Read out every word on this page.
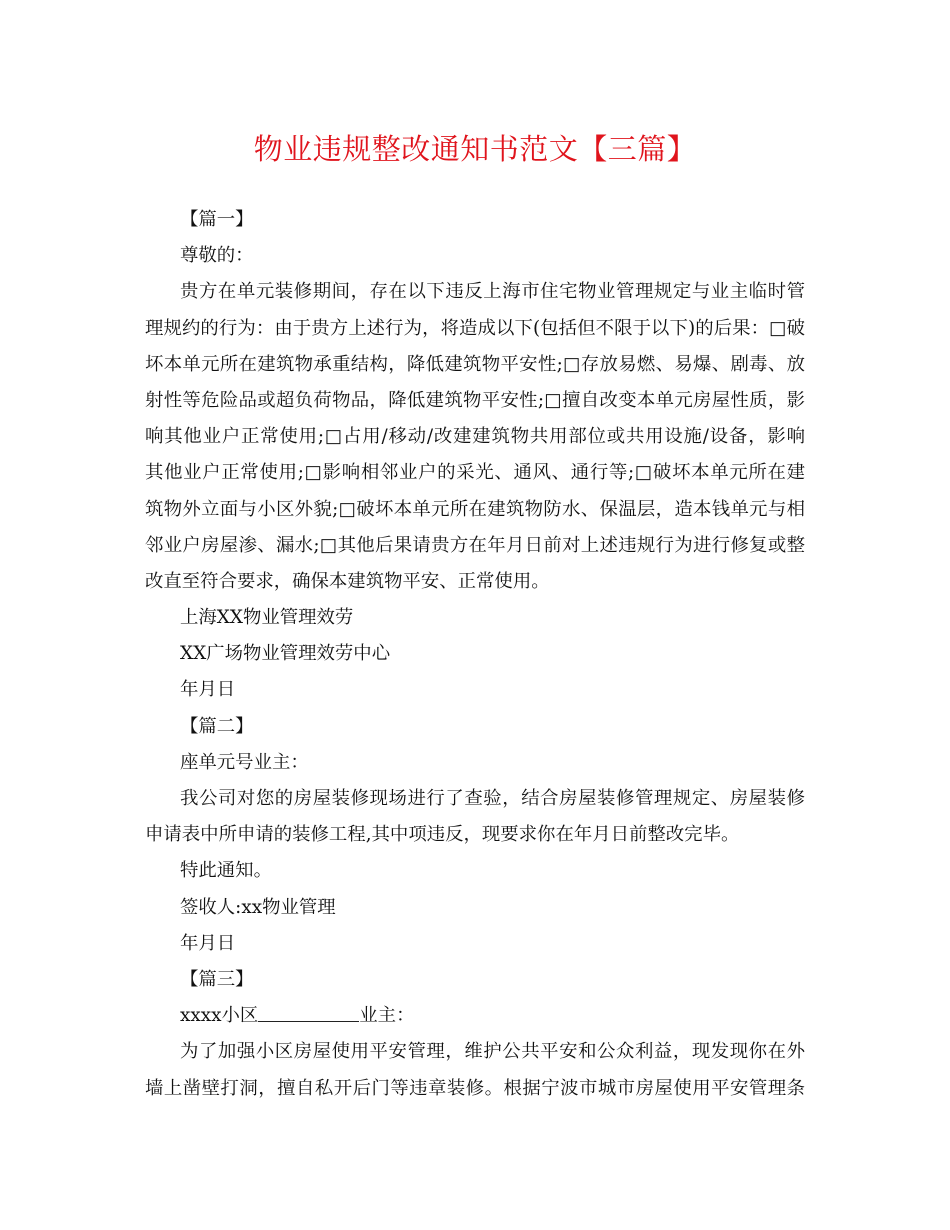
物业违规整改通知书范文【三篇】
【篇一】
尊敬的：
贵方在单元装修期间，存在以下违反上海市住宅物业管理规定与业主临时管
理规约的行为：由于贵方上述行为，将造成以下(包括但不限于以下)的后果：□破
坏本单元所在建筑物承重结构，降低建筑物平安性;□存放易燃、易爆、剧毒、放
射性等危险品或超负荷物品，降低建筑物平安性;□擅自改变本单元房屋性质，影
响其他业户正常使用;□占用/移动/改建建筑物共用部位或共用设施/设备，影响
其他业户正常使用;□影响相邻业户的采光、通风、通行等;□破坏本单元所在建
筑物外立面与小区外貌;□破坏本单元所在建筑物防水、保温层，造本钱单元与相
邻业户房屋渗、漏水;□其他后果请贵方在年月日前对上述违规行为进行修复或整
改直至符合要求，确保本建筑物平安、正常使用。
上海XX物业管理效劳
XX广场物业管理效劳中心
年月日
【篇二】
座单元号业主：
我公司对您的房屋装修现场进行了查验，结合房屋装修管理规定、房屋装修
申请表中所申请的装修工程,其中项违反，现要求你在年月日前整改完毕。
特此通知。
签收人:xx物业管理
年月日
【篇三】
xxxx小区	业主：
为了加强小区房屋使用平安管理，维护公共平安和公众利益，现发现你在外
墙上凿壁打洞，擅自私开后门等违章装修。根据宁波市城市房屋使用平安管理条
